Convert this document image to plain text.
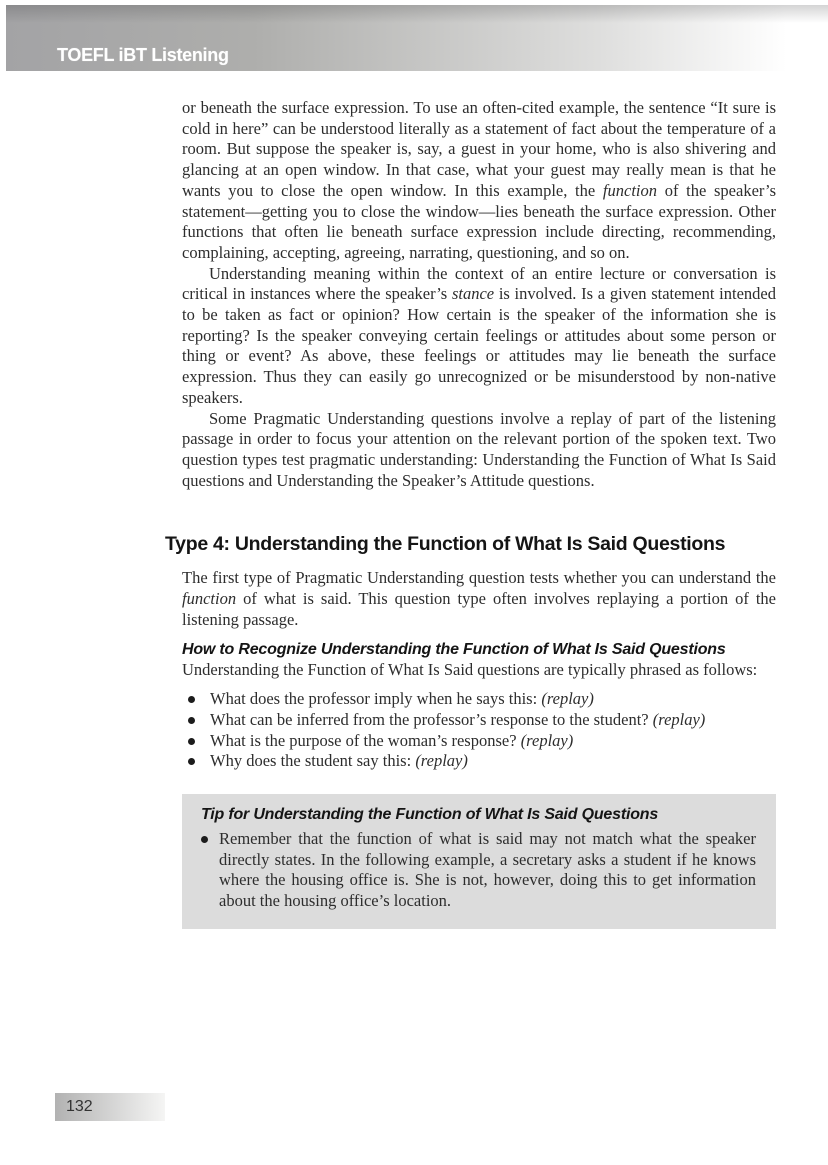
TOEFL iBT Listening

or beneath the surface expression. To use an often-cited example, the sentence “It sure is cold in here” can be understood literally as a statement of fact about the temperature of a room. But suppose the speaker is, say, a guest in your home, who is also shivering and glancing at an open window. In that case, what your guest may really mean is that he wants you to close the open window. In this example, the function of the speaker’s statement—getting you to close the window—lies beneath the surface expression. Other functions that often lie beneath surface expression include directing, recommending, complaining, accepting, agreeing, narrating, questioning, and so on.

Understanding meaning within the context of an entire lecture or conversation is critical in instances where the speaker’s stance is involved. Is a given statement intended to be taken as fact or opinion? How certain is the speaker of the information she is reporting? Is the speaker conveying certain feelings or attitudes about some person or thing or event? As above, these feelings or attitudes may lie beneath the surface expression. Thus they can easily go unrecognized or be misunderstood by non-native speakers.

Some Pragmatic Understanding questions involve a replay of part of the listening passage in order to focus your attention on the relevant portion of the spoken text. Two question types test pragmatic understanding: Understanding the Function of What Is Said questions and Understanding the Speaker’s Attitude questions.

Type 4: Understanding the Function of What Is Said Questions

The first type of Pragmatic Understanding question tests whether you can understand the function of what is said. This question type often involves replaying a portion of the listening passage.

How to Recognize Understanding the Function of What Is Said Questions

Understanding the Function of What Is Said questions are typically phrased as follows:

What does the professor imply when he says this: (replay)
What can be inferred from the professor’s response to the student? (replay)
What is the purpose of the woman’s response? (replay)
Why does the student say this: (replay)
Tip for Understanding the Function of What Is Said Questions
Remember that the function of what is said may not match what the speaker directly states. In the following example, a secretary asks a student if he knows where the housing office is. She is not, however, doing this to get information about the housing office’s location.
132
